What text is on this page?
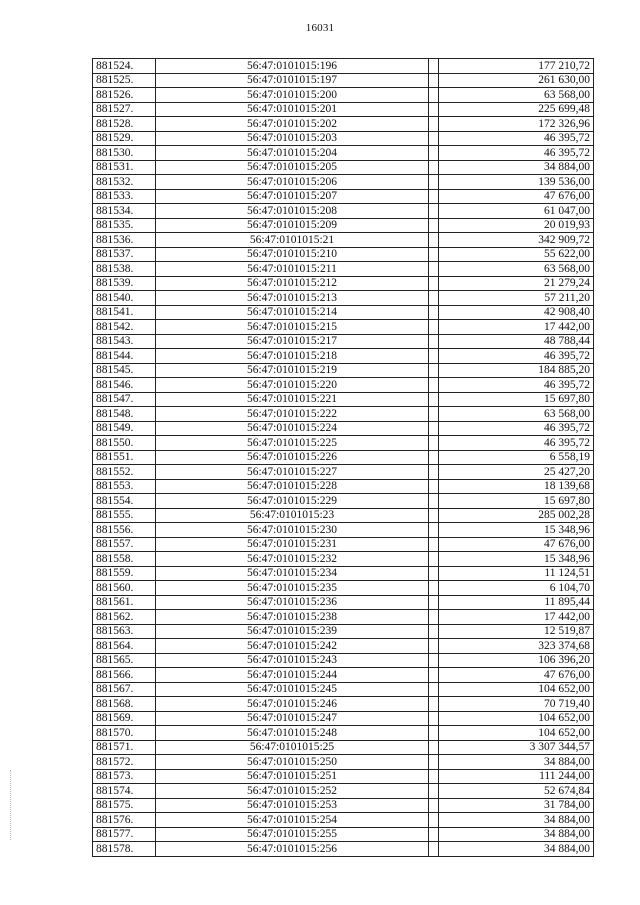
16031
881524.	56:47:0101015:196		177 210,72
881525.	56:47:0101015:197		261 630,00
881526.	56:47:0101015:200		63 568,00
881527.	56:47:0101015:201		225 699,48
881528.	56:47:0101015:202		172 326,96
881529.	56:47:0101015:203		46 395,72
881530.	56:47:0101015:204		46 395,72
881531.	56:47:0101015:205		34 884,00
881532.	56:47:0101015:206		139 536,00
881533.	56:47:0101015:207		47 676,00
881534.	56:47:0101015:208		61 047,00
881535.	56:47:0101015:209		20 019,93
881536.	56:47:0101015:21		342 909,72
881537.	56:47:0101015:210		55 622,00
881538.	56:47:0101015:211		63 568,00
881539.	56:47:0101015:212		21 279,24
881540.	56:47:0101015:213		57 211,20
881541.	56:47:0101015:214		42 908,40
881542.	56:47:0101015:215		17 442,00
881543.	56:47:0101015:217		48 788,44
881544.	56:47:0101015:218		46 395,72
881545.	56:47:0101015:219		184 885,20
881546.	56:47:0101015:220		46 395,72
881547.	56:47:0101015:221		15 697,80
881548.	56:47:0101015:222		63 568,00
881549.	56:47:0101015:224		46 395,72
881550.	56:47:0101015:225		46 395,72
881551.	56:47:0101015:226		6 558,19
881552.	56:47:0101015:227		25 427,20
881553.	56:47:0101015:228		18 139,68
881554.	56:47:0101015:229		15 697,80
881555.	56:47:0101015:23		285 002,28
881556.	56:47:0101015:230		15 348,96
881557.	56:47:0101015:231		47 676,00
881558.	56:47:0101015:232		15 348,96
881559.	56:47:0101015:234		11 124,51
881560.	56:47:0101015:235		6 104,70
881561.	56:47:0101015:236		11 895,44
881562.	56:47:0101015:238		17 442,00
881563.	56:47:0101015:239		12 519,87
881564.	56:47:0101015:242		323 374,68
881565.	56:47:0101015:243		106 396,20
881566.	56:47:0101015:244		47 676,00
881567.	56:47:0101015:245		104 652,00
881568.	56:47:0101015:246		70 719,40
881569.	56:47:0101015:247		104 652,00
881570.	56:47:0101015:248		104 652,00
881571.	56:47:0101015:25		3 307 344,57
881572.	56:47:0101015:250		34 884,00
881573.	56:47:0101015:251		111 244,00
881574.	56:47:0101015:252		52 674,84
881575.	56:47:0101015:253		31 784,00
881576.	56:47:0101015:254		34 884,00
881577.	56:47:0101015:255		34 884,00
881578.	56:47:0101015:256		34 884,00
